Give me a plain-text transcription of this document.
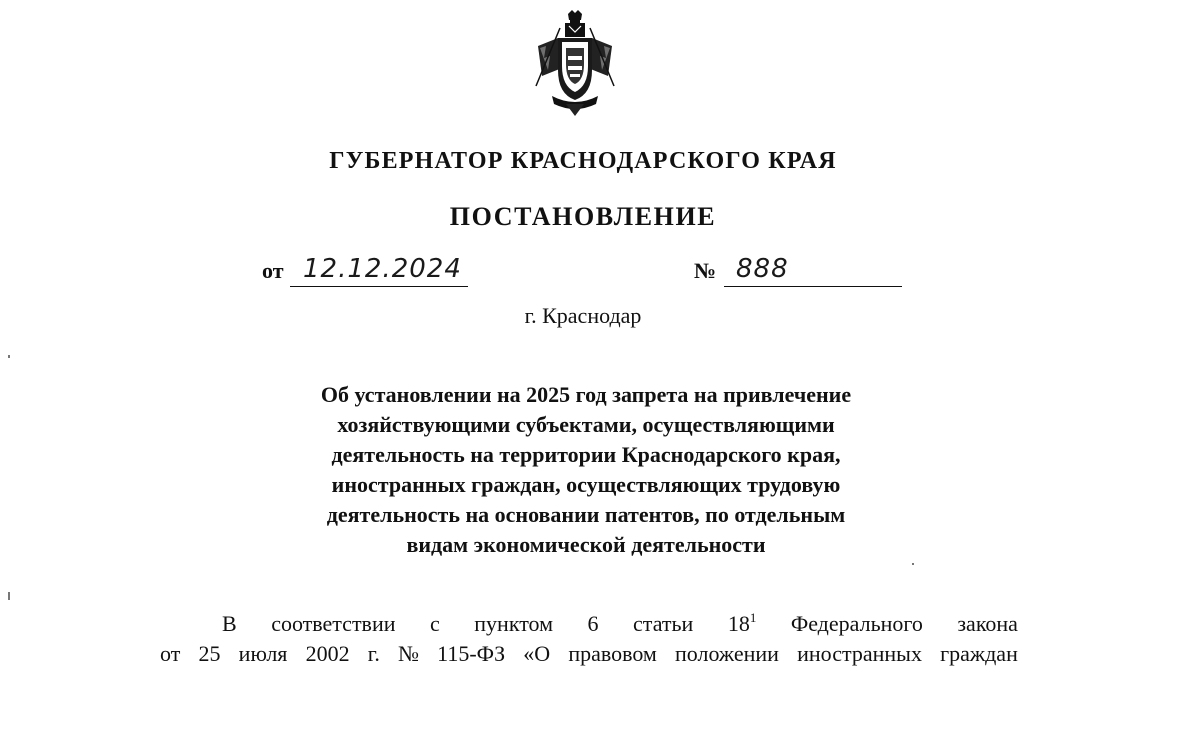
ГУБЕРНАТОР КРАСНОДАРСКОГО КРАЯ
ПОСТАНОВЛЕНИЕ
от 12.12.2024	№ 888
г. Краснодар
Об установлении на 2025 год запрета на привлечение
хозяйствующими субъектами, осуществляющими
деятельность на территории Краснодарского края,
иностранных граждан, осуществляющих трудовую
деятельность на основании патентов, по отдельным
видам экономической деятельности
В соответствии с пунктом 6 статьи $18^1$ Федерального закона
от 25 июля 2002 г. № 115-ФЗ «О правовом положении иностранных граждан
